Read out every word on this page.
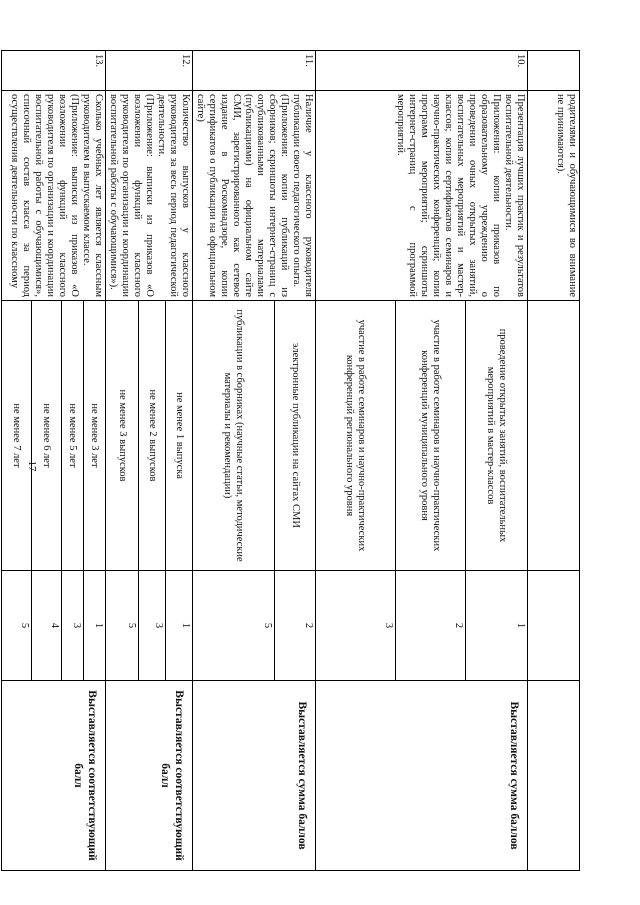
17

	родителями и обучающимися во внимание не принимаются).			

10.	Презентация лучших практик и результатов воспитательной деятельности.

Приложения: копии приказов по образовательному учреждению о проведении очных открытых занятий, воспитательных мероприятий и мастер-классов; копии сертификатов семинаров и научно-практических конференций; копии программ мероприятий; скриншоты интернет-страниц с программой мероприятий.	проведение открытых занятий, воспитательных мероприятий в мастер-классов	1	Выставляется сумма баллов
		участие в работе семинаров и научно-практических конференций муниципального уровня	2	
		участие в работе семинаров и научно-практических конференций регионального уровня	3	
11.	Наличие у классного руководителя публикации своего педагогического опыта.

(Приложения: копии публикаций из сборников; скриншоты интернет-страниц с опубликованными материалами (публикациями) на официальном сайте СМИ, зарегистрированного как сетевое издание в Роскомнадзоре, копии сертификатов о публикации на официальном сайте)	электронные публикации на сайтах СМИ	2	Выставляется сумма баллов
		публикации в сборниках (научные статьи, методические материалы и рекомендации)	5	
12.	Количество выпусков у классного руководителя за весь период педагогической деятельности.

(Приложение: выписки из приказов «О возложении функций классного руководителя по организации и координации воспитательной работы с обучающимися»).	не менее 1 выпуска	1	Выставляется соответствующий балл
		не менее 2 выпусков	3	
		не менее 3 выпусков	5	
13.	Сколько учебных лет является классным руководителем в выпускаемом классе.

(Приложение: выписки из приказов «О возложении функций классного руководителя по организации и координации воспитательной работы с обучающимися», списочный состав класса за период осуществления деятельности по классному	не менее 3 лет	1	Выставляется соответствующий балл
		не менее 5 лет	3	
		не менее 6 лет	4	
		не менее 7 лет	5	
